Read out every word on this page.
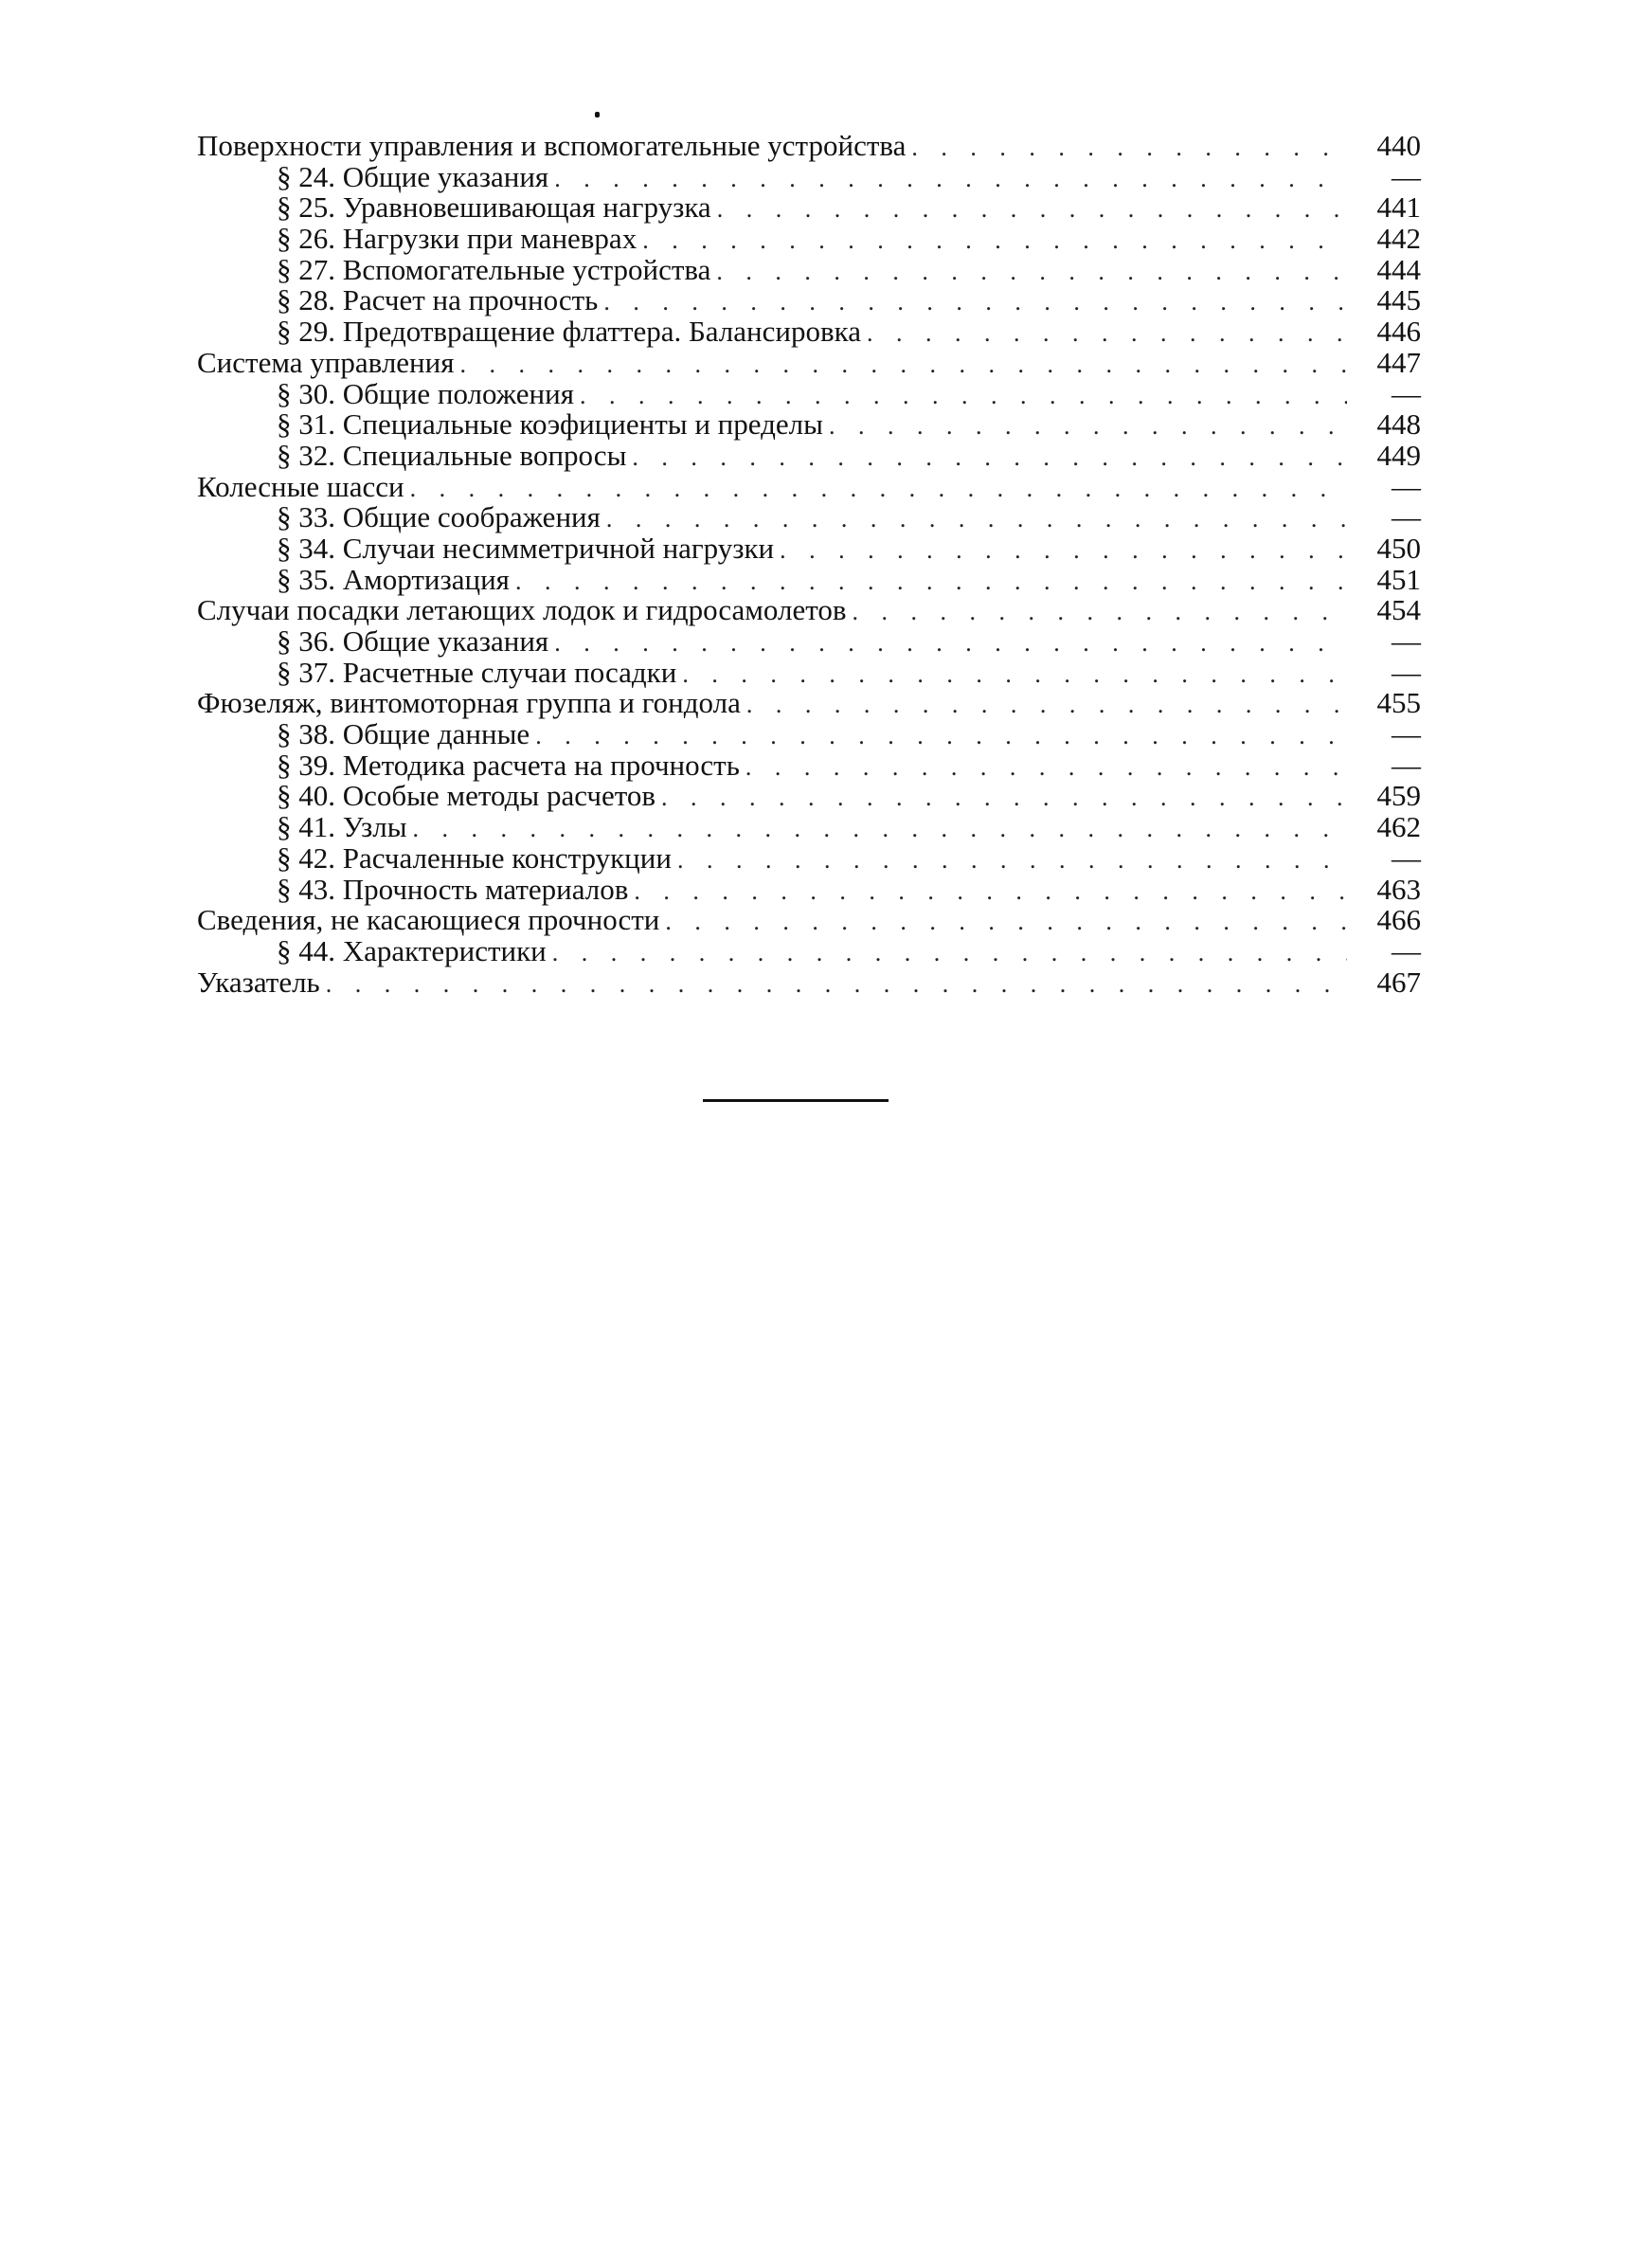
Поверхности управления и вспомогательные устройства . . .	440
§ 24. Общие указания . . .	—
§ 25. Уравновешивающая нагрузка . . .	441
§ 26. Нагрузки при маневрах . . .	442
§ 27. Вспомогательные устройства . . .	444
§ 28. Расчет на прочность . . .	445
§ 29. Предотвращение флаттера. Балансировка . . .	446
Система управления . . .	447
§ 30. Общие положения . . .	—
§ 31. Специальные коэфициенты и пределы . . .	448
§ 32. Специальные вопросы . . .	449
Колесные шасси . . .	—
§ 33. Общие соображения . . .	—
§ 34. Случаи несимметричной нагрузки . . .	450
§ 35. Амортизация . . .	451
Случаи посадки летающих лодок и гидросамолетов . . .	454
§ 36. Общие указания . . .	—
§ 37. Расчетные случаи посадки . . .	—
Фюзеляж, винтомоторная группа и гондола . . .	455
§ 38. Общие данные . . .	—
§ 39. Методика расчета на прочность . . .	—
§ 40. Особые методы расчетов . . .	459
§ 41. Узлы . . .	462
§ 42. Расчаленные конструкции . . .	—
§ 43. Прочность материалов . . .	463
Сведения, не касающиеся прочности . . .	466
§ 44. Характеристики . . .	—
Указатель . . .	467
